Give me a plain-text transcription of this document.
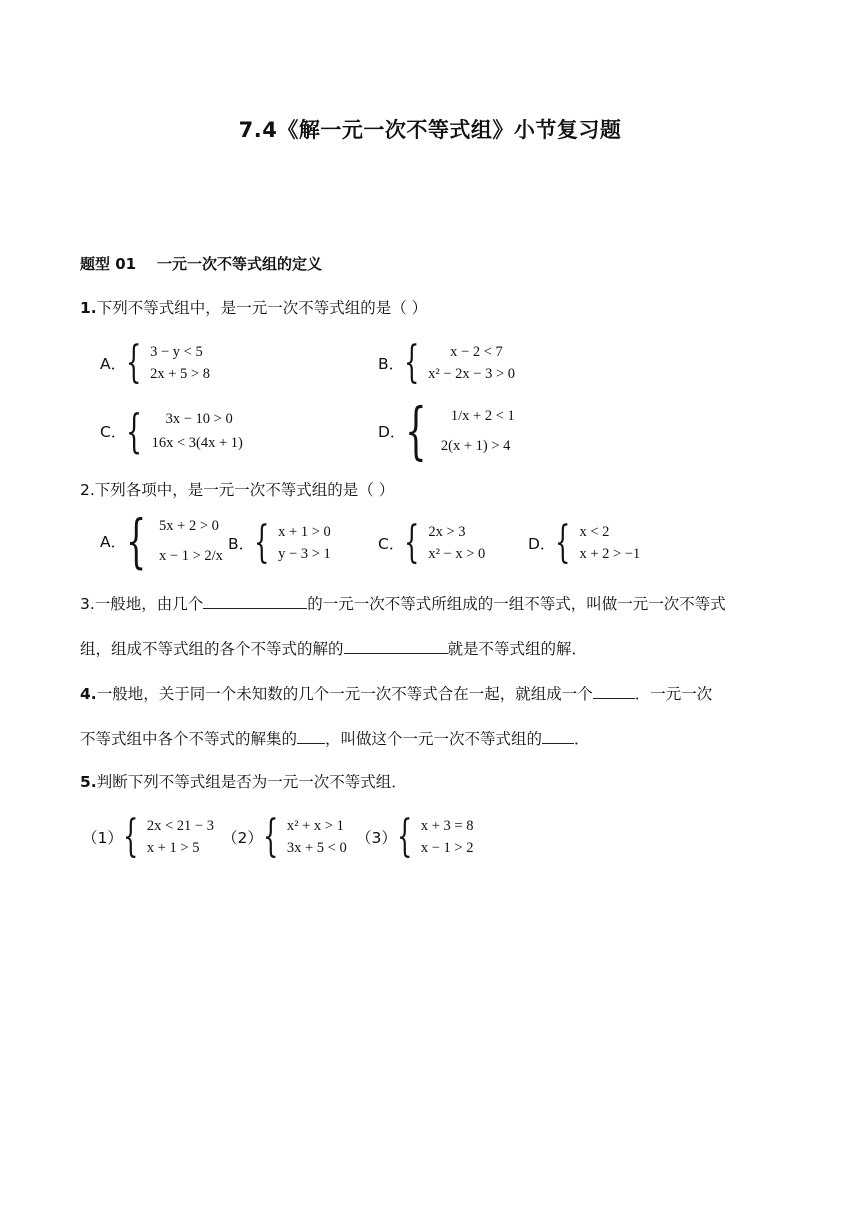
7.4《解一元一次不等式组》小节复习题
题型 01    一元一次不等式组的定义
1.下列不等式组中，是一元一次不等式组的是（ ）
A． { 3 − y < 5
2x + 5 > 8
B． {	x − 2 < 7
x² − 2x − 3 > 0
C． {	3x − 10 > 0
16x < 3(4x + 1)
D． {	1/x + 2 < 1
2(x + 1) > 4
2.下列各项中，是一元一次不等式组的是（ ）
A． { 5x + 2 > 0
x − 1 > 2/x
B． { x + 1 > 0
y − 3 > 1
C． { 2x > 3
x² − x > 0
D． { x < 2
x + 2 > −1
3.一般地，由几个	的一元一次不等式所组成的一组不等式，叫做一元一次不等式
组，组成不等式组的各个不等式的解的	就是不等式组的解．
4.一般地，关于同一个未知数的几个一元一次不等式合在一起，就组成一个	．一元一次
不等式组中各个不等式的解集的 ，叫做这个一元一次不等式组的 ．
5.判断下列不等式组是否为一元一次不等式组．
（1） { 2x < 21 − 3
x + 1 > 5
（2） { x² + x > 1
3x + 5 < 0
（3） { x + 3 = 8
x − 1 > 2
